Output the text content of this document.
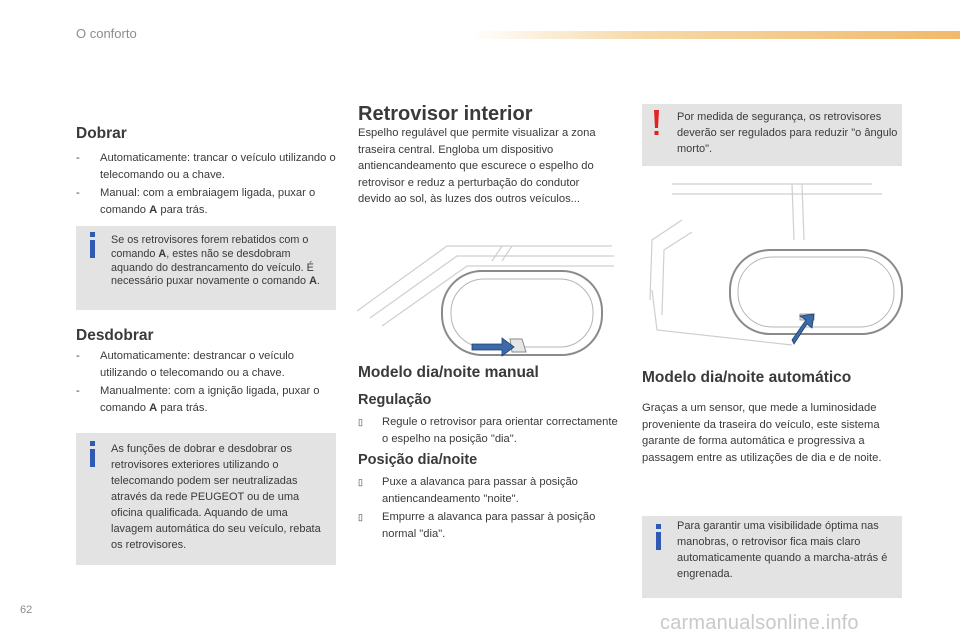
O conforto
Dobrar
- Automaticamente: trancar o veículo utilizando o telecomando ou a chave.
- Manual: com a embraiagem ligada, puxar o comando A para trás.
Se os retrovisores forem rebatidos com o comando A, estes não se desdobram aquando do destrancamento do veículo. É necessário puxar novamente o comando A.
Desdobrar
- Automaticamente: destrancar o veículo utilizando o telecomando ou a chave.
- Manualmente: com a ignição ligada, puxar o comando A para trás.
As funções de dobrar e desdobrar os retrovisores exteriores utilizando o telecomando podem ser neutralizadas através da rede PEUGEOT ou de uma oficina qualificada. Aquando de uma lavagem automática do seu veículo, rebata os retrovisores.
Retrovisor interior
Espelho regulável que permite visualizar a zona traseira central. Engloba um dispositivo antiencandeamento que escurece o espelho do retrovisor e reduz a perturbação do condutor devido ao sol, às luzes dos outros veículos...
Modelo dia/noite manual
Regulação
▯ Regule o retrovisor para orientar correctamente o espelho na posição "dia".
Posição dia/noite
▯ Puxe a alavanca para passar à posição antiencandeamento "noite".
▯ Empurre a alavanca para passar à posição normal "dia".
Por medida de segurança, os retrovisores deverão ser regulados para reduzir "o ângulo morto".
Modelo dia/noite automático
Graças a um sensor, que mede a luminosidade proveniente da traseira do veículo, este sistema garante de forma automática e progressiva a passagem entre as utilizações de dia e de noite.
Para garantir uma visibilidade óptima nas manobras, o retrovisor fica mais claro automaticamente quando a marcha-atrás é engrenada.
62
carmanualsonline.info
